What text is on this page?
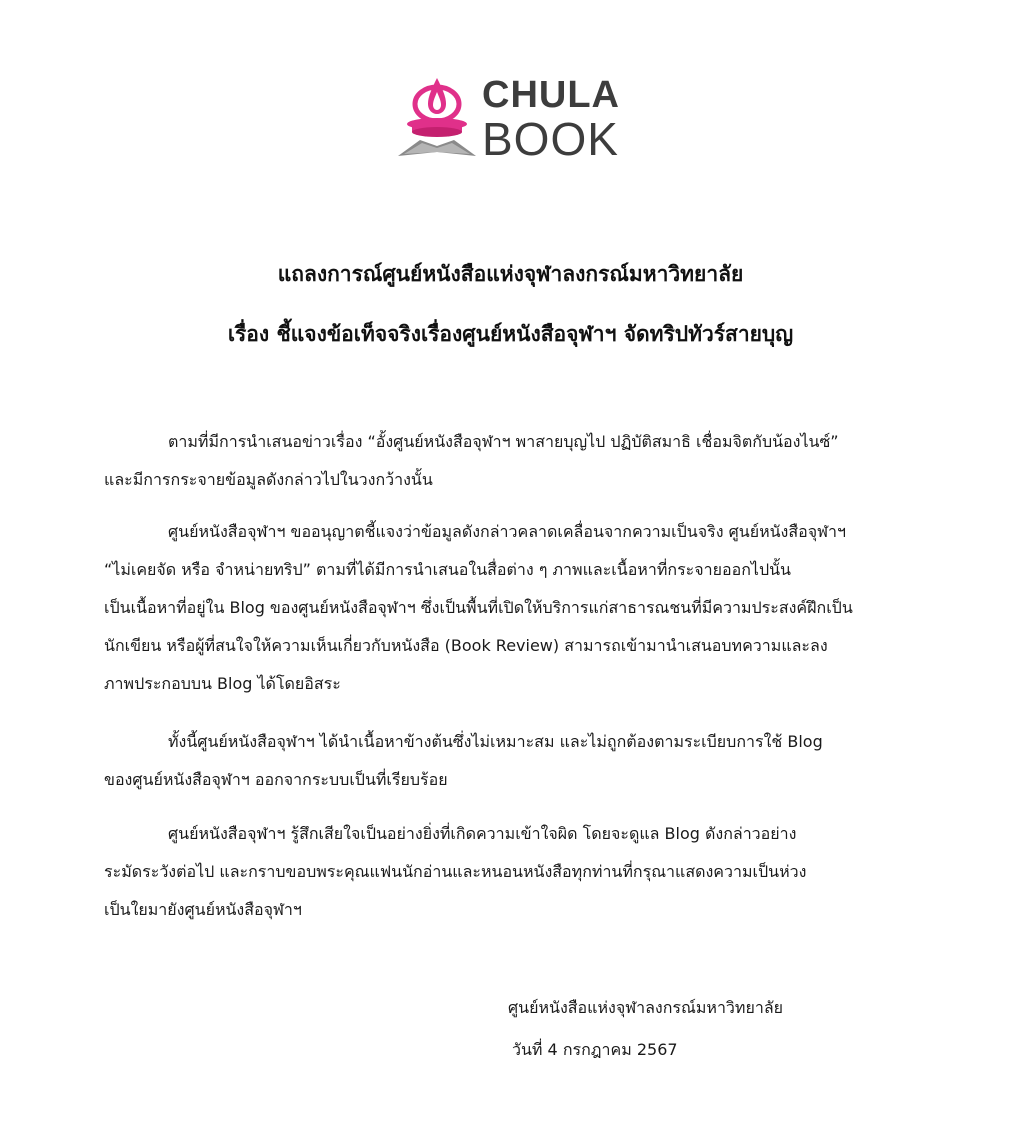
CHULA
BOOK
แถลงการณ์ศูนย์หนังสือแห่งจุฬาลงกรณ์มหาวิทยาลัย
เรื่อง ชี้แจงข้อเท็จจริงเรื่องศูนย์หนังสือจุฬาฯ จัดทริปทัวร์สายบุญ
ตามที่มีการนำเสนอข่าวเรื่อง “อั้งศูนย์หนังสือจุฬาฯ พาสายบุญไป ปฏิบัติสมาธิ เชื่อมจิตกับน้องไนซ์”
และมีการกระจายข้อมูลดังกล่าวไปในวงกว้างนั้น
ศูนย์หนังสือจุฬาฯ ขออนุญาตชี้แจงว่าข้อมูลดังกล่าวคลาดเคลื่อนจากความเป็นจริง ศูนย์หนังสือจุฬาฯ
“ไม่เคยจัด หรือ จำหน่ายทริป” ตามที่ได้มีการนำเสนอในสื่อต่าง ๆ ภาพและเนื้อหาที่กระจายออกไปนั้น
เป็นเนื้อหาที่อยู่ใน Blog ของศูนย์หนังสือจุฬาฯ ซึ่งเป็นพื้นที่เปิดให้บริการแก่สาธารณชนที่มีความประสงค์ฝึกเป็น
นักเขียน หรือผู้ที่สนใจให้ความเห็นเกี่ยวกับหนังสือ (Book Review) สามารถเข้ามานำเสนอบทความและลง
ภาพประกอบบน Blog ได้โดยอิสระ
ทั้งนี้ศูนย์หนังสือจุฬาฯ ได้นำเนื้อหาข้างต้นซึ่งไม่เหมาะสม และไม่ถูกต้องตามระเบียบการใช้ Blog
ของศูนย์หนังสือจุฬาฯ ออกจากระบบเป็นที่เรียบร้อย
ศูนย์หนังสือจุฬาฯ รู้สึกเสียใจเป็นอย่างยิ่งที่เกิดความเข้าใจผิด โดยจะดูแล Blog ดังกล่าวอย่าง
ระมัดระวังต่อไป และกราบขอบพระคุณแฟนนักอ่านและหนอนหนังสือทุกท่านที่กรุณาแสดงความเป็นห่วง
เป็นใยมายังศูนย์หนังสือจุฬาฯ
ศูนย์หนังสือแห่งจุฬาลงกรณ์มหาวิทยาลัย
วันที่ 4 กรกฎาคม 2567
